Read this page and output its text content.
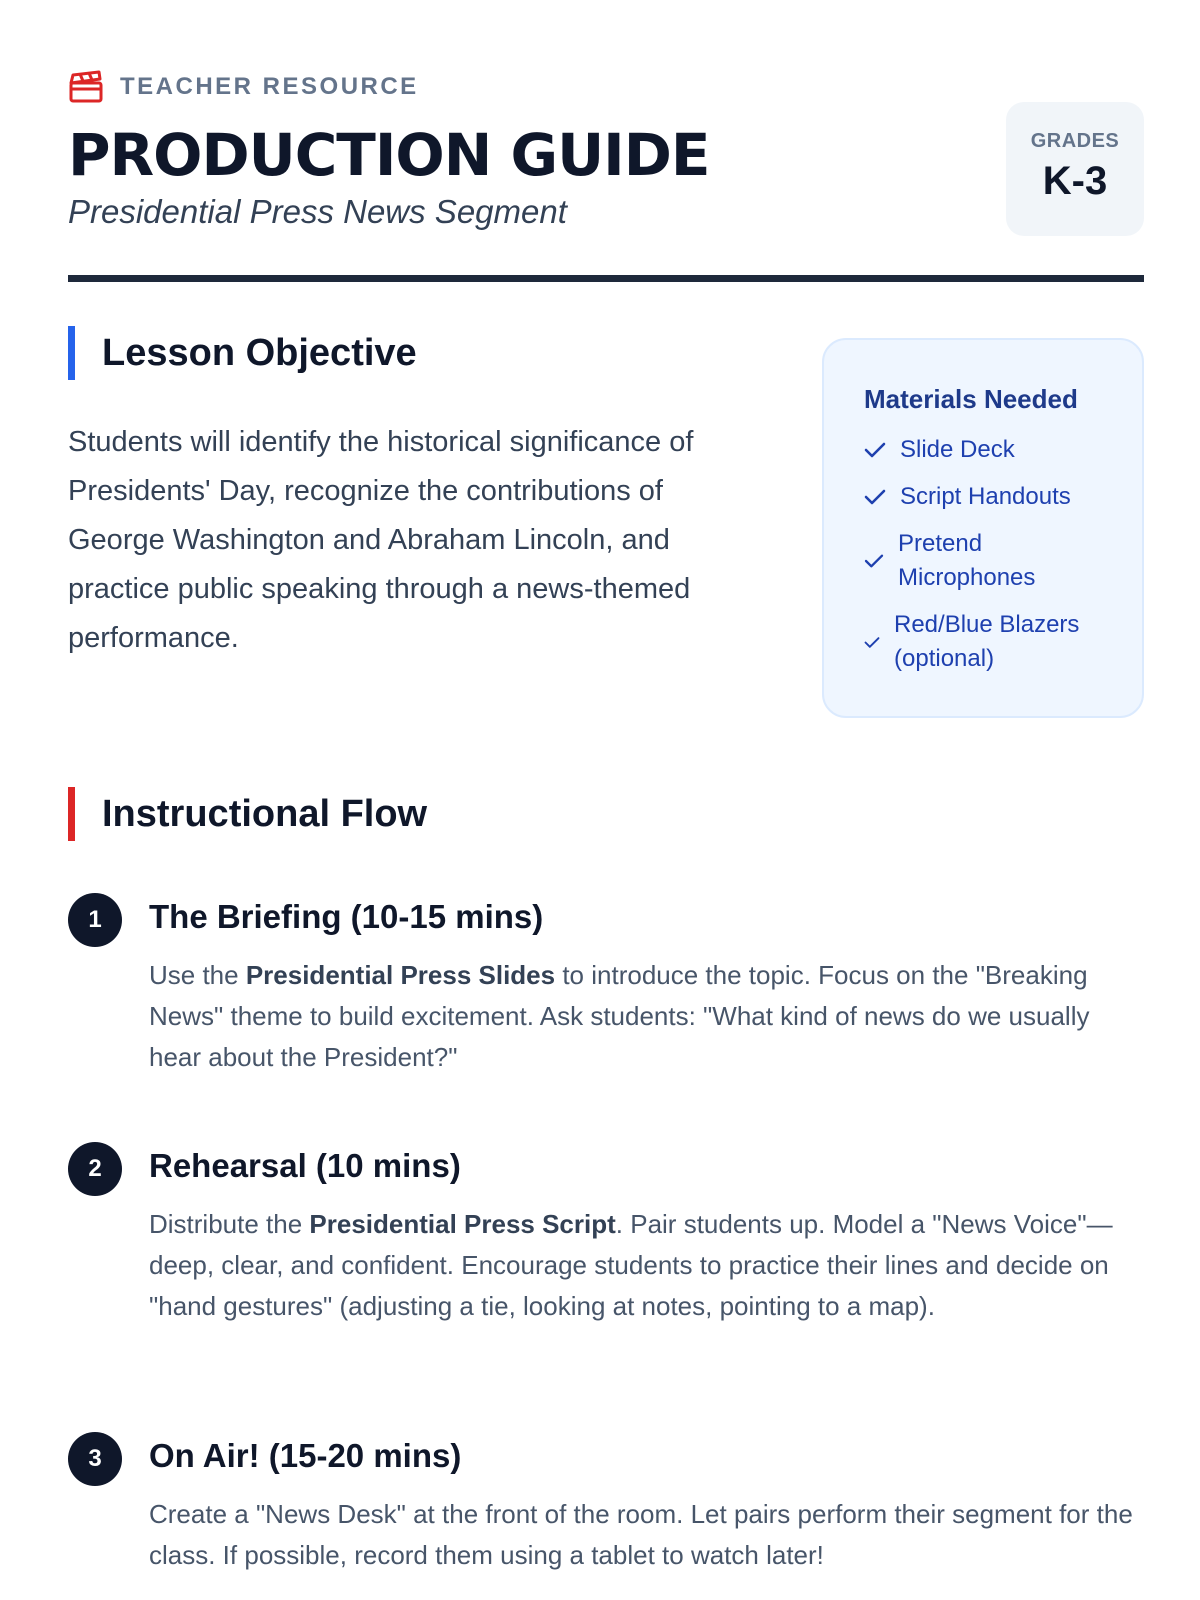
TEACHER RESOURCE
PRODUCTION GUIDE
Presidential Press News Segment
GRADES
K-3
Lesson Objective

Students will identify the historical significance of Presidents' Day, recognize the contributions of George Washington and Abraham Lincoln, and practice public speaking through a news-themed performance.

Materials Needed
Slide Deck
Script Handouts
Pretend Microphones
Red/Blue Blazers (optional)
Instructional Flow
1	The Briefing (10-15 mins)

Use the Presidential Press Slides to introduce the topic. Focus on the "Breaking News" theme to build excitement. Ask students: "What kind of news do we usually hear about the President?"

2	Rehearsal (10 mins)

Distribute the Presidential Press Script. Pair students up. Model a "News Voice"—deep, clear, and confident. Encourage students to practice their lines and decide on "hand gestures" (adjusting a tie, looking at notes, pointing to a map).

3	On Air! (15-20 mins)

Create a "News Desk" at the front of the room. Let pairs perform their segment for the class. If possible, record them using a tablet to watch later!
